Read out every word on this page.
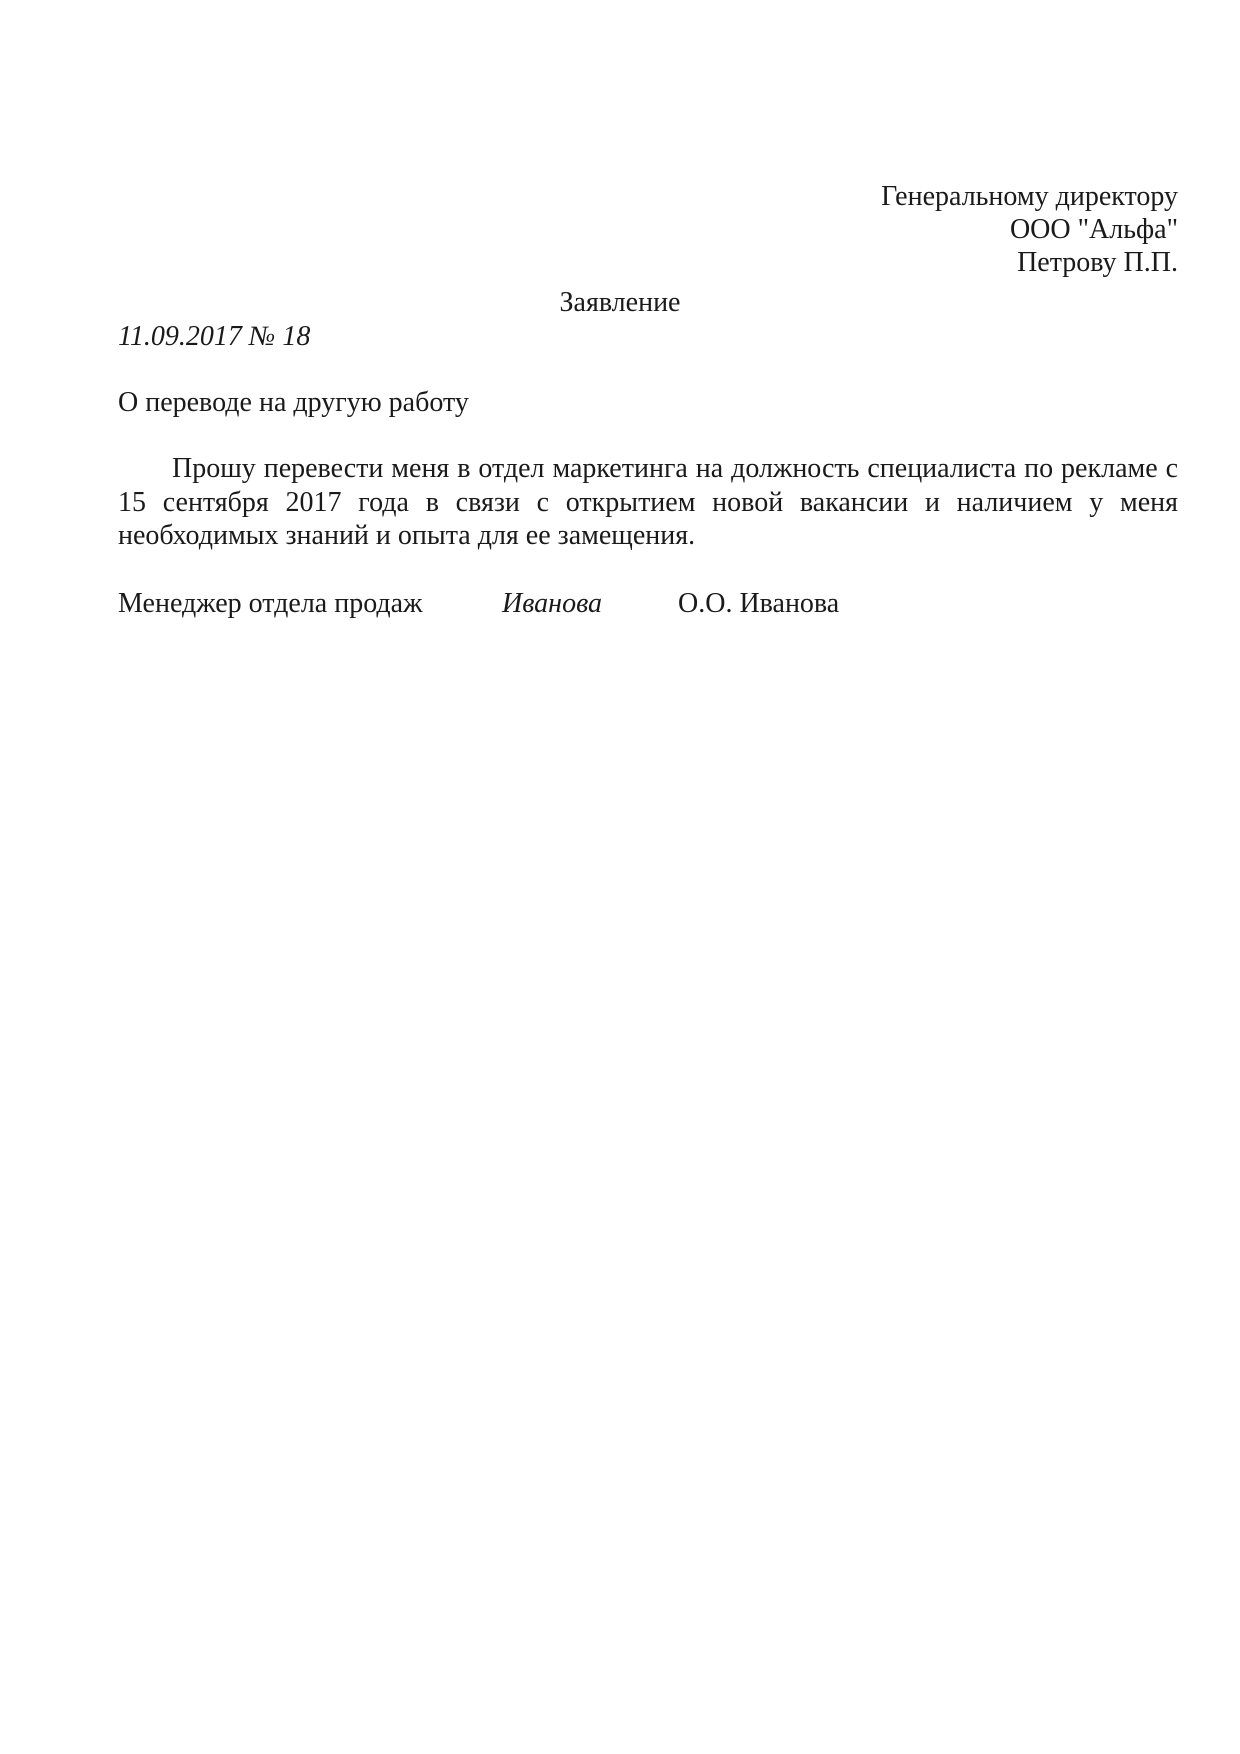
Генеральному директору
ООО "Альфа"
Петрову П.П.
Заявление
11.09.2017 № 18
О переводе на другую работу

Прошу перевести меня в отдел маркетинга на должность специалиста по рекламе с 15 сентября 2017 года в связи с открытием новой вакансии и наличием у меня необходимых знаний и опыта для ее замещения.

Менеджер отдела продаж	Иванова	О.О. Иванова
